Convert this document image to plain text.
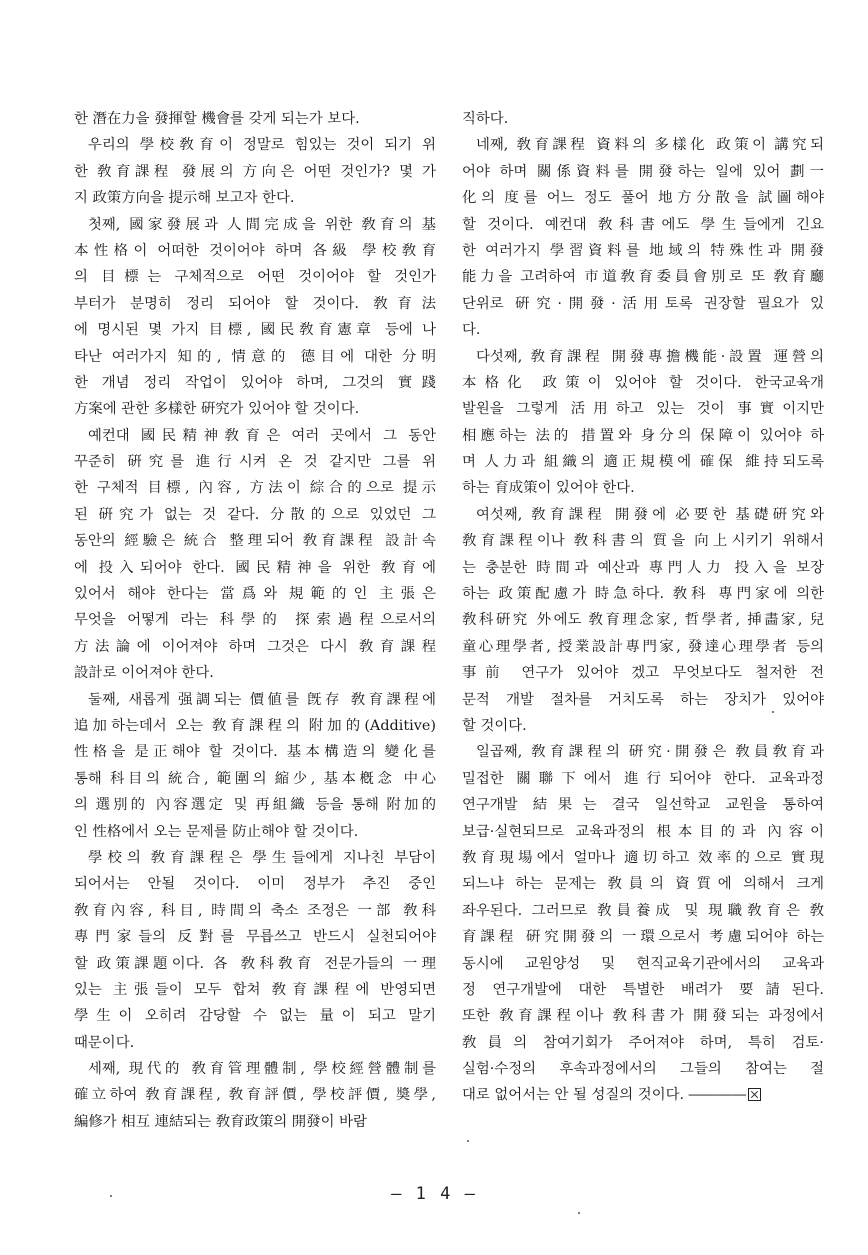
한 潛在力을 發揮할 機會를 갖게 되는가 보다.
우리의 學校敎育이 정말로 힘있는 것이 되기 위
한 敎育課程 發展의 方向은 어떤 것인가? 몇 가
지 政策方向을 提示해 보고자 한다.
첫째, 國家發展과 人間完成을 위한 敎育의 基
本性格이 어떠한 것이어야 하며 各級 學校敎育
의 目標는 구체적으로 어떤 것이어야 할 것인가
부터가 분명히 정리 되어야 할 것이다. 敎育法
에 명시된 몇 가지 目標, 國民敎育憲章 등에 나
타난 여러가지 知的, 情意的 德目에 대한 分明
한 개념 정리 작업이 있어야 하며, 그것의 實踐
方案에 관한 多樣한 硏究가 있어야 할 것이다.
예컨대 國民精神敎育은 여러 곳에서 그 동안
꾸준히 硏究를 進行시켜 온 것 같지만 그를 위
한 구체적 目標, 內容, 方法이 綜合的으로 提示
된 硏究가 없는 것 같다. 分散的으로 있었던 그
동안의 經驗은 統合 整理되어 敎育課程 設計속
에 投入되어야 한다. 國民精神을 위한 敎育에
있어서 해야 한다는 當爲와 規範的인 主張은
무엇을 어떻게 라는 科學的 探索過程으로서의
方法論에 이어져야 하며 그것은 다시 敎育課程
設計로 이어져야 한다.
둘째, 새롭게 强調되는 價値를 旣存 敎育課程에
追加하는데서 오는 敎育課程의 附加的(Additive)
性格을 是正해야 할 것이다. 基本構造의 變化를
통해 科目의 統合, 範圍의 縮少, 基本槪念 中心
의 選別的 內容選定 및 再組織 등을 통해 附加的
인 性格에서 오는 문제를 防止해야 할 것이다.
學校의 敎育課程은 學生들에게 지나친 부담이
되어서는 안될 것이다. 이미 정부가 추진 중인
敎育內容, 科目, 時間의 축소 조정은 一部 敎科
專門家들의 反對를 무릅쓰고 반드시 실천되어야
할 政策課題이다. 各 敎科敎育 전문가들의 一理
있는 主張들이 모두 합쳐 敎育課程에 반영되면
學生이 오히려 감당할 수 없는 量이 되고 말기
때문이다.
세째, 現代的 敎育管理體制, 學校經營體制를
確立하여 敎育課程, 敎育評價, 學校評價, 奬學,
編修가 相互 連結되는 敎育政策의 開發이 바람
직하다.
네째, 敎育課程 資料의 多樣化 政策이 講究되
어야 하며 關係資料를 開發하는 일에 있어 劃一
化의 度를 어느 정도 풀어 地方分散을 試圖해야
할 것이다. 예컨대 敎科書에도 學生들에게 긴요
한 여러가지 學習資料를 地域의 特殊性과 開發
能力을 고려하여 市道敎育委員會別로 또 敎育廳
단위로 硏究·開發·活用토록 권장할 필요가 있
다.
다섯째, 敎育課程 開發專擔機能·設置 運營의
本格化 政策이 있어야 할 것이다. 한국교육개
발원을 그렇게 活用하고 있는 것이 事實이지만
相應하는 法的 措置와 身分의 保障이 있어야 하
며 人力과 組織의 適正規模에 確保 維持되도록
하는 育成策이 있어야 한다.
여섯째, 敎育課程 開發에 必要한 基礎硏究와
敎育課程이나 敎科書의 質을 向上시키기 위해서
는 충분한 時間과 예산과 專門人力 投入을 보장
하는 政策配慮가 時急하다. 敎科 專門家에 의한
敎科硏究 外에도 敎育理念家, 哲學者, 挿畵家, 兒
童心理學者, 授業設計專門家, 發達心理學者 등의
事前 연구가 있어야 겠고 무엇보다도 철저한 전
문적 개발 절차를 거치도록 하는 장치가 있어야
할 것이다.
일곱째, 敎育課程의 硏究·開發은 敎員敎育과
밀접한 關聯下에서 進行되어야 한다. 교육과정
연구개발 結果는 결국 일선학교 교원을 통하여
보급·실현되므로 교육과정의 根本目的과 內容이
敎育現場에서 얼마나 適切하고 效率的으로 實現
되느냐 하는 문제는 敎員의 資質에 의해서 크게
좌우된다. 그러므로 敎員養成 및 現職敎育은 敎
育課程 硏究開發의 一環으로서 考慮되어야 하는
동시에 교원양성 및 현직교육기관에서의 교육과
정 연구개발에 대한 특별한 배려가 要請된다.
또한 敎育課程이나 敎科書가 開發되는 과정에서
敎員의 참여기회가 주어져야 하며, 특히 검토·
실험·수정의 후속과정에서의 그들의 참여는 절
대로 없어서는 안 될 성질의 것이다. ――――
— 1 4 —
